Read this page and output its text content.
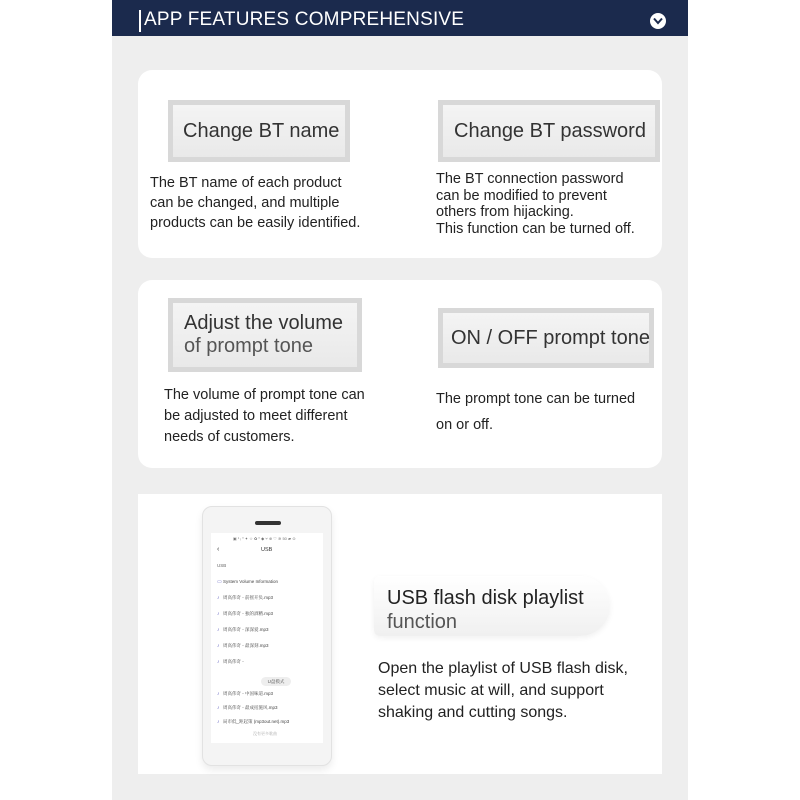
APP FEATURES COMPREHENSIVE
Change BT name
The BT name of each product
can be changed, and multiple
products can be easily identified.
Change BT password
The BT connection password
can be modified to prevent
others from hijacking.
This function can be turned off.
Adjust the volume
of prompt tone
The volume of prompt tone can
be adjusted to meet different
needs of customers.
ON / OFF prompt tone
The prompt tone can be turned
on or off.
▣ ¹ ᵢ ⁰ ✦ ☆ ✿ ⁰ ◆ ⑂ ⊕ ♡ ≋ 50 ▰ ⊙
‹	USB
USB
▭System Volume Information
♪ 周高伟奇 - 前摇开负.mp3
♪ 周高伟奇 - 独的酒精.mp3
♪ 周高伟奇 - 深深爱.mp3
♪ 周高伟奇 - 最深刻.mp3
♪ 周高伟奇 -
U盘模式
♪ 周高伟奇 - 中国味道.mp3
♪ 周高伟奇 - 最成括施风.mp3
♪ 局市低_距起策 (mp3out.net).mp3
没有更多歌曲
USB flash disk playlist
function
Open the playlist of USB flash disk,
select music at will, and support
shaking and cutting songs.
